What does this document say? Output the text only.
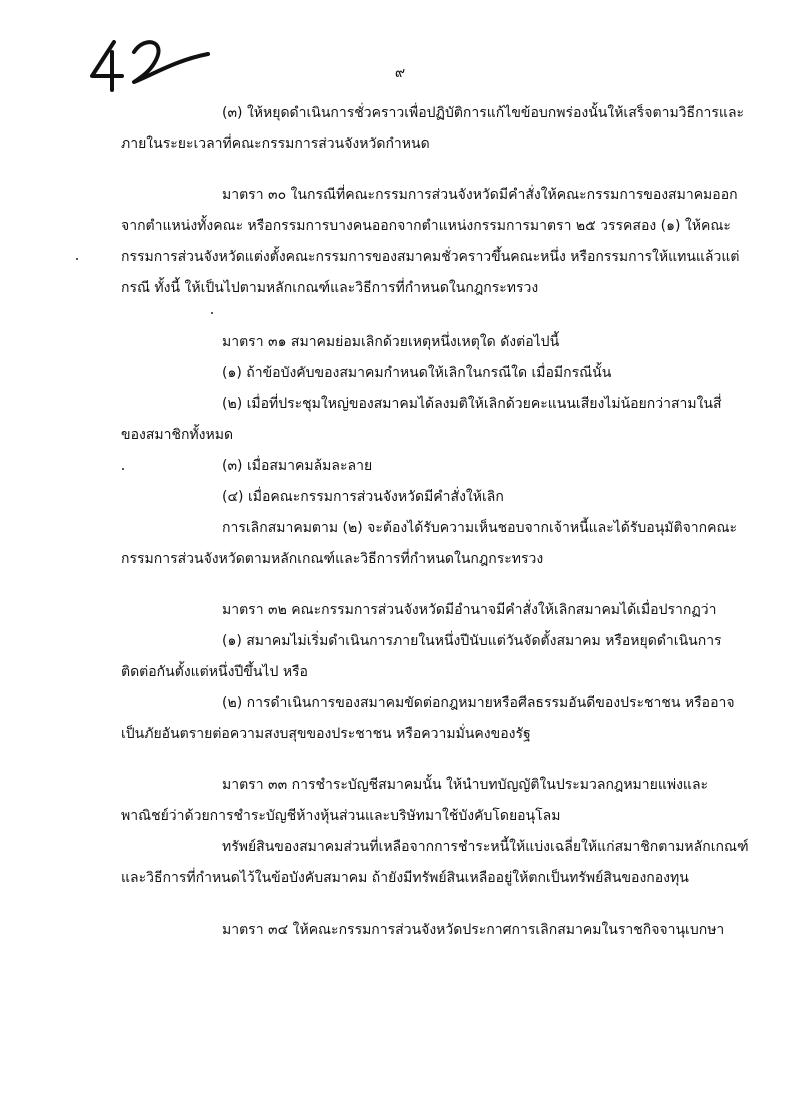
๙
(๓) ให้หยุดดำเนินการชั่วคราวเพื่อปฏิบัติการแก้ไขข้อบกพร่องนั้นให้เสร็จตามวิธีการและ
ภายในระยะเวลาที่คณะกรรมการส่วนจังหวัดกำหนด
มาตรา ๓๐ ในกรณีที่คณะกรรมการส่วนจังหวัดมีคำสั่งให้คณะกรรมการของสมาคมออก
จากตำแหน่งทั้งคณะ หรือกรรมการบางคนออกจากตำแหน่งกรรมการมาตรา ๒๕ วรรคสอง (๑) ให้คณะ
กรรมการส่วนจังหวัดแต่งตั้งคณะกรรมการของสมาคมชั่วคราวขึ้นคณะหนึ่ง หรือกรรมการให้แทนแล้วแต่
กรณี ทั้งนี้ ให้เป็นไปตามหลักเกณฑ์และวิธีการที่กำหนดในกฎกระทรวง
มาตรา ๓๑ สมาคมย่อมเลิกด้วยเหตุหนึ่งเหตุใด ดังต่อไปนี้
(๑) ถ้าข้อบังคับของสมาคมกำหนดให้เลิกในกรณีใด เมื่อมีกรณีนั้น
(๒) เมื่อที่ประชุมใหญ่ของสมาคมได้ลงมติให้เลิกด้วยคะแนนเสียงไม่น้อยกว่าสามในสี่
ของสมาชิกทั้งหมด
(๓) เมื่อสมาคมล้มละลาย
(๔) เมื่อคณะกรรมการส่วนจังหวัดมีคำสั่งให้เลิก
การเลิกสมาคมตาม (๒) จะต้องได้รับความเห็นชอบจากเจ้าหนี้และได้รับอนุมัติจากคณะ
กรรมการส่วนจังหวัดตามหลักเกณฑ์และวิธีการที่กำหนดในกฎกระทรวง
มาตรา ๓๒ คณะกรรมการส่วนจังหวัดมีอำนาจมีคำสั่งให้เลิกสมาคมได้เมื่อปรากฏว่า
(๑) สมาคมไม่เริ่มดำเนินการภายในหนึ่งปีนับแต่วันจัดตั้งสมาคม หรือหยุดดำเนินการ
ติดต่อกันตั้งแต่หนึ่งปีขึ้นไป หรือ
(๒) การดำเนินการของสมาคมขัดต่อกฎหมายหรือศีลธรรมอันดีของประชาชน หรืออาจ
เป็นภัยอันตรายต่อความสงบสุขของประชาชน หรือความมั่นคงของรัฐ
มาตรา ๓๓ การชำระบัญชีสมาคมนั้น ให้นำบทบัญญัติในประมวลกฎหมายแพ่งและ
พาณิชย์ว่าด้วยการชำระบัญชีห้างหุ้นส่วนและบริษัทมาใช้บังคับโดยอนุโลม
ทรัพย์สินของสมาคมส่วนที่เหลือจากการชำระหนี้ให้แบ่งเฉลี่ยให้แก่สมาชิกตามหลักเกณฑ์
และวิธีการที่กำหนดไว้ในข้อบังคับสมาคม ถ้ายังมีทรัพย์สินเหลืออยู่ให้ตกเป็นทรัพย์สินของกองทุน
มาตรา ๓๔ ให้คณะกรรมการส่วนจังหวัดประกาศการเลิกสมาคมในราชกิจจานุเบกษา
